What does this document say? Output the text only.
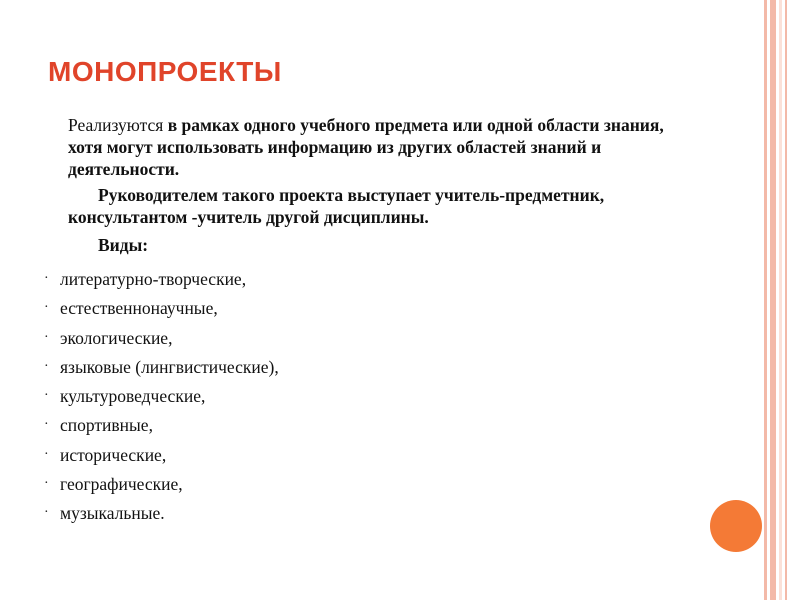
МОНОПРОЕКТЫ

Реализуются в рамках одного учебного предмета или одной области знания, хотя могут использовать информацию из других областей знаний и деятельности.

Руководителем такого проекта выступает учитель-предметник, консультантом -учитель другой дисциплины.

Виды:

· литературно-творческие,
· естественнонаучные,
· экологические,
· языковые (лингвистические),
· культуроведческие,
· спортивные,
· исторические,
· географические,
· музыкальные.
